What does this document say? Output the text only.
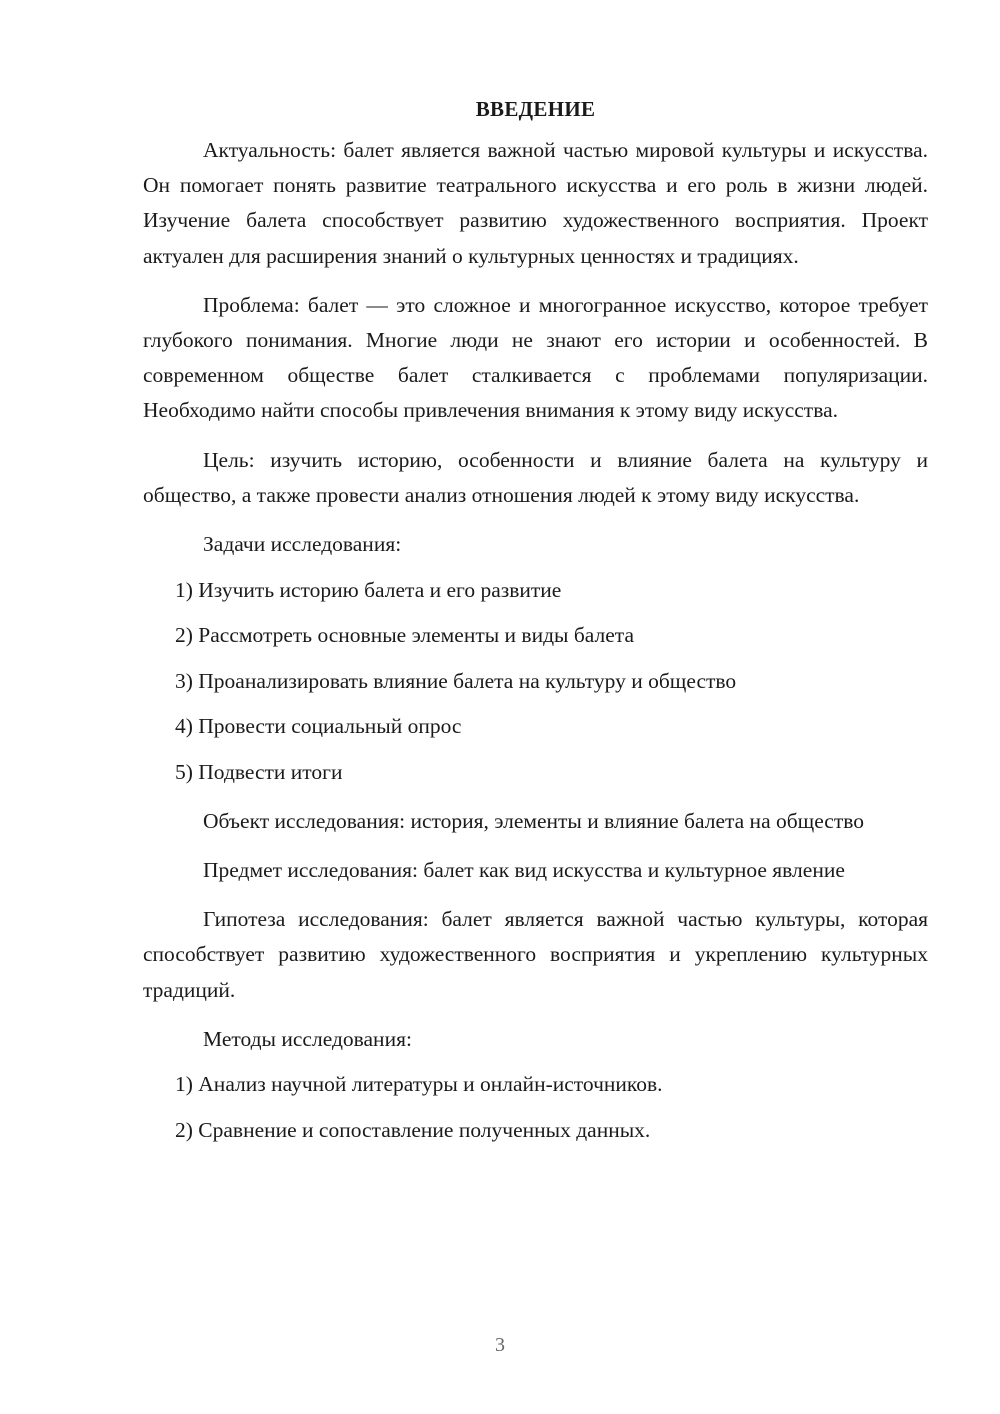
ВВЕДЕНИЕ

Актуальность: балет является важной частью мировой культуры и искусства. Он помогает понять развитие театрального искусства и его роль в жизни людей. Изучение балета способствует развитию художественного восприятия. Проект актуален для расширения знаний о культурных ценностях и традициях.

Проблема: балет — это сложное и многогранное искусство, которое требует глубокого понимания. Многие люди не знают его истории и особенностей. В современном обществе балет сталкивается с проблемами популяризации. Необходимо найти способы привлечения внимания к этому виду искусства.

Цель: изучить историю, особенности и влияние балета на культуру и общество, а также провести анализ отношения людей к этому виду искусства.

Задачи исследования:

1) Изучить историю балета и его развитие

2) Рассмотреть основные элементы и виды балета

3) Проанализировать влияние балета на культуру и общество

4) Провести социальный опрос

5) Подвести итоги

Объект исследования: история, элементы и влияние балета на общество

Предмет исследования: балет как вид искусства и культурное явление

Гипотеза исследования: балет является важной частью культуры, которая способствует развитию художественного восприятия и укреплению культурных традиций.

Методы исследования:

1) Анализ научной литературы и онлайн-источников.

2) Сравнение и сопоставление полученных данных.

3
